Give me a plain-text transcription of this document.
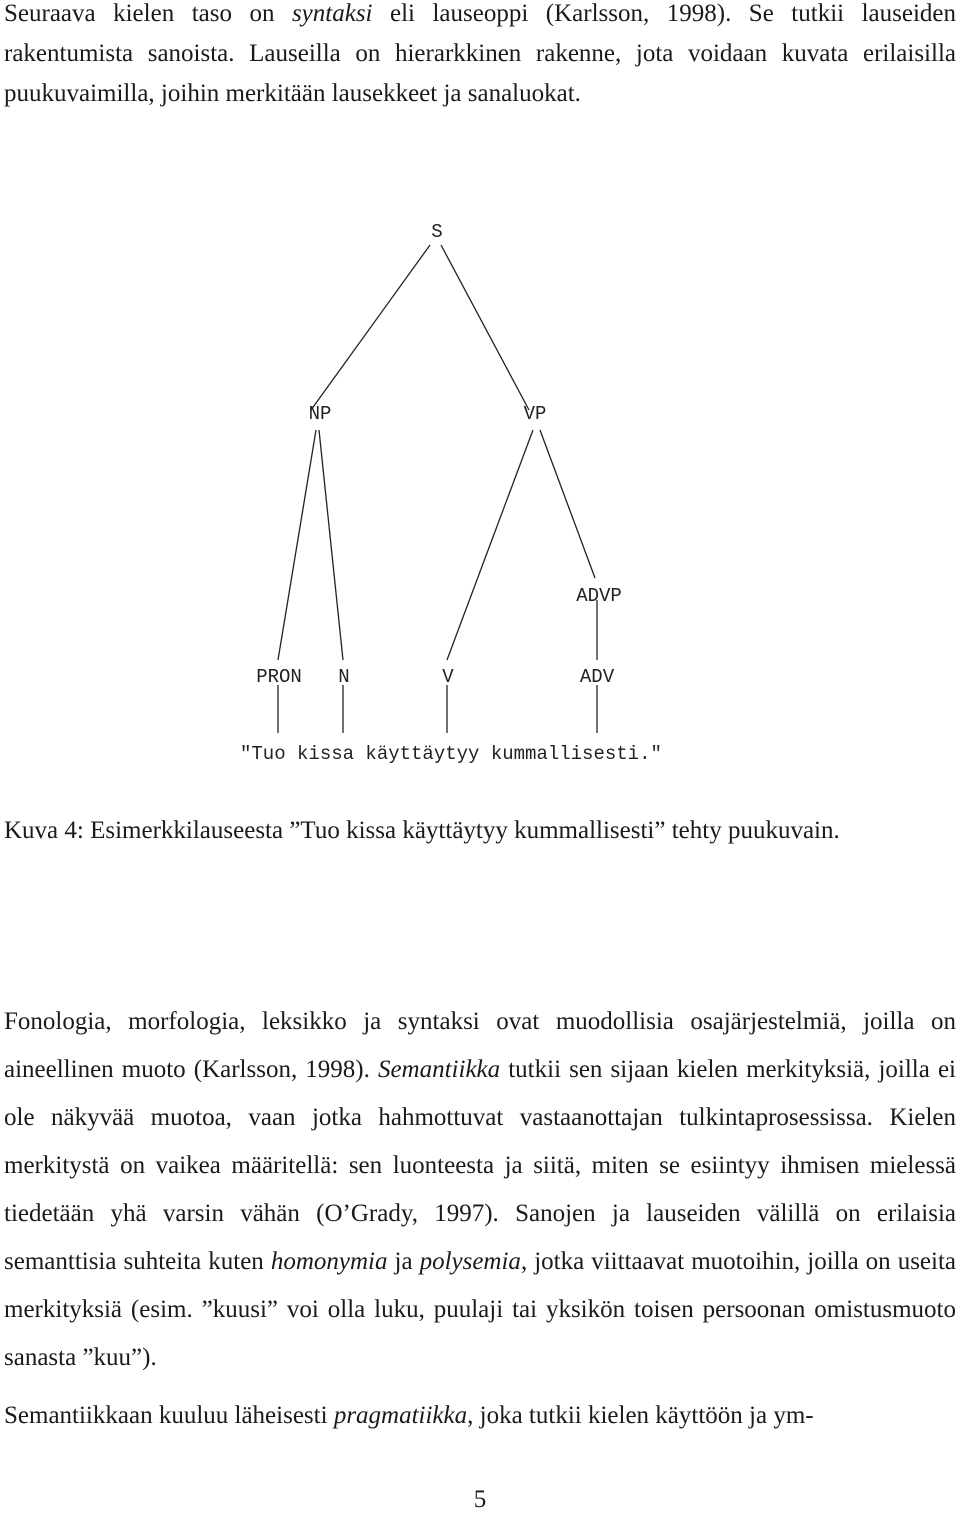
Seuraava kielen taso on syntaksi eli lauseoppi (Karlsson, 1998). Se tutkii lauseiden rakentumista sanoista. Lauseilla on hierarkkinen rakenne, jota voidaan kuvata erilaisilla puukuvaimilla, joihin merkitään lausekkeet ja sanaluokat.

S
NP	VP
ADVP
PRON N	V	ADV
"Tuo kissa käyttäytyy kummallisesti."

Kuva 4: Esimerkkilauseesta ”Tuo kissa käyttäytyy kummallisesti” tehty puukuvain.

Fonologia, morfologia, leksikko ja syntaksi ovat muodollisia osajärjestelmiä, joilla on aineellinen muoto (Karlsson, 1998). Semantiikka tutkii sen sijaan kielen merkityksiä, joilla ei ole näkyvää muotoa, vaan jotka hahmottuvat vastaanottajan tulkintaprosessissa. Kielen merkitystä on vaikea määritellä: sen luonteesta ja siitä, miten se esiintyy ihmisen mielessä tiedetään yhä varsin vähän (O’Grady, 1997). Sanojen ja lauseiden välillä on erilaisia semanttisia suhteita kuten homonymia ja polysemia, jotka viittaavat muotoihin, joilla on useita merkityksiä (esim. ”kuusi” voi olla luku, puulaji tai yksikön toisen persoonan omistusmuoto sanasta ”kuu”).

Semantiikkaan kuuluu läheisesti pragmatiikka, joka tutkii kielen käyttöön ja ym-

5
